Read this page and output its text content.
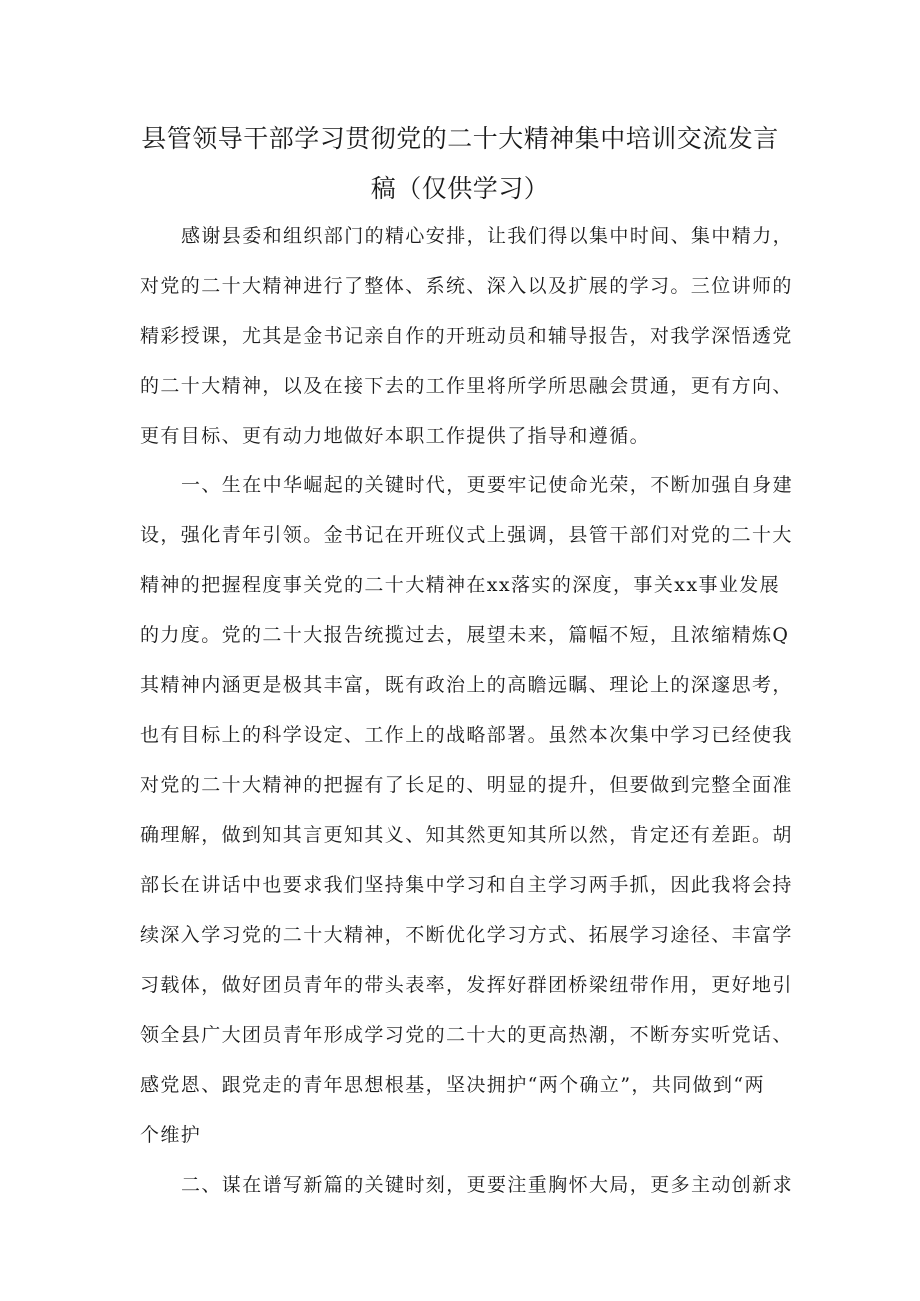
县管领导干部学习贯彻党的二十大精神集中培训交流发言
稿（仅供学习）
感谢县委和组织部门的精心安排，让我们得以集中时间、集中精力，
对党的二十大精神进行了整体、系统、深入以及扩展的学习。三位讲师的
精彩授课，尤其是金书记亲自作的开班动员和辅导报告，对我学深悟透党
的二十大精神，以及在接下去的工作里将所学所思融会贯通，更有方向、
更有目标、更有动力地做好本职工作提供了指导和遵循。
一、生在中华崛起的关键时代，更要牢记使命光荣，不断加强自身建
设，强化青年引领。金书记在开班仪式上强调，县管干部们对党的二十大
精神的把握程度事关党的二十大精神在xx落实的深度，事关xx事业发展
的力度。党的二十大报告统揽过去，展望未来，篇幅不短，且浓缩精炼Q
其精神内涵更是极其丰富，既有政治上的高瞻远瞩、理论上的深邃思考，
也有目标上的科学设定、工作上的战略部署。虽然本次集中学习已经使我
对党的二十大精神的把握有了长足的、明显的提升，但要做到完整全面准
确理解，做到知其言更知其义、知其然更知其所以然，肯定还有差距。胡
部长在讲话中也要求我们坚持集中学习和自主学习两手抓，因此我将会持
续深入学习党的二十大精神，不断优化学习方式、拓展学习途径、丰富学
习载体，做好团员青年的带头表率，发挥好群团桥梁纽带作用，更好地引
领全县广大团员青年形成学习党的二十大的更高热潮，不断夯实听党话、
感党恩、跟党走的青年思想根基，坚决拥护“两个确立”，共同做到“两
个维护
二、谋在谱写新篇的关键时刻，更要注重胸怀大局，更多主动创新求
